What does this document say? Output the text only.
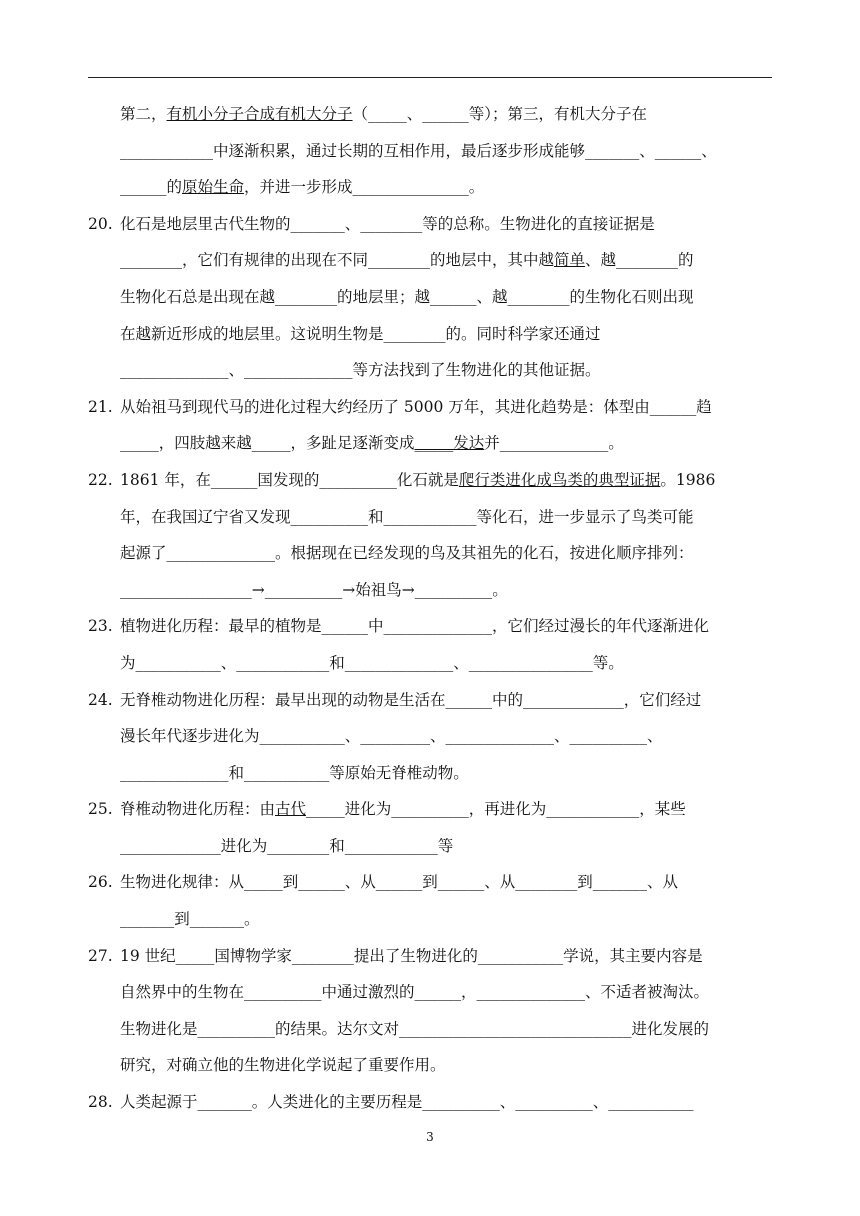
第二，有机小分子合成有机大分子（_____、______等）；第三，有机大分子在
____________中逐渐积累，通过长期的互相作用，最后逐步形成能够_______、______、
______的原始生命，并进一步形成_______________。
20. 化石是地层里古代生物的_______、________等的总称。生物进化的直接证据是
________，它们有规律的出现在不同________的地层中，其中越简单、越________的
生物化石总是出现在越________的地层里；越______、越________的生物化石则出现
在越新近形成的地层里。这说明生物是________的。同时科学家还通过
______________、______________等方法找到了生物进化的其他证据。
21. 从始祖马到现代马的进化过程大约经历了 5000 万年，其进化趋势是：体型由______趋
_____，四肢越来越_____，多趾足逐渐变成_____发达并______________。
22. 1861 年，在______国发现的__________化石就是爬行类进化成鸟类的典型证据。1986
年，在我国辽宁省又发现__________和____________等化石，进一步显示了鸟类可能
起源了______________。根据现在已经发现的鸟及其祖先的化石，按进化顺序排列：
_________________→__________→始祖鸟→__________。
23. 植物进化历程：最早的植物是______中______________，它们经过漫长的年代逐渐进化
为___________、____________和______________、________________等。
24. 无脊椎动物进化历程：最早出现的动物是生活在______中的_____________，它们经过
漫长年代逐步进化为___________、_________、______________、__________、
______________和___________等原始无脊椎动物。
25. 脊椎动物进化历程：由古代_____进化为__________，再进化为____________，某些
_____________进化为________和____________等
26. 生物进化规律：从_____到______、从______到______、从________到_______、从
_______到_______。
27. 19 世纪_____国博物学家________提出了生物进化的___________学说，其主要内容是
自然界中的生物在__________中通过激烈的______，______________、不适者被淘汰。
生物进化是__________的结果。达尔文对______________________________进化发展的
研究，对确立他的生物进化学说起了重要作用。
28. 人类起源于_______。人类进化的主要历程是__________、__________、___________
3
